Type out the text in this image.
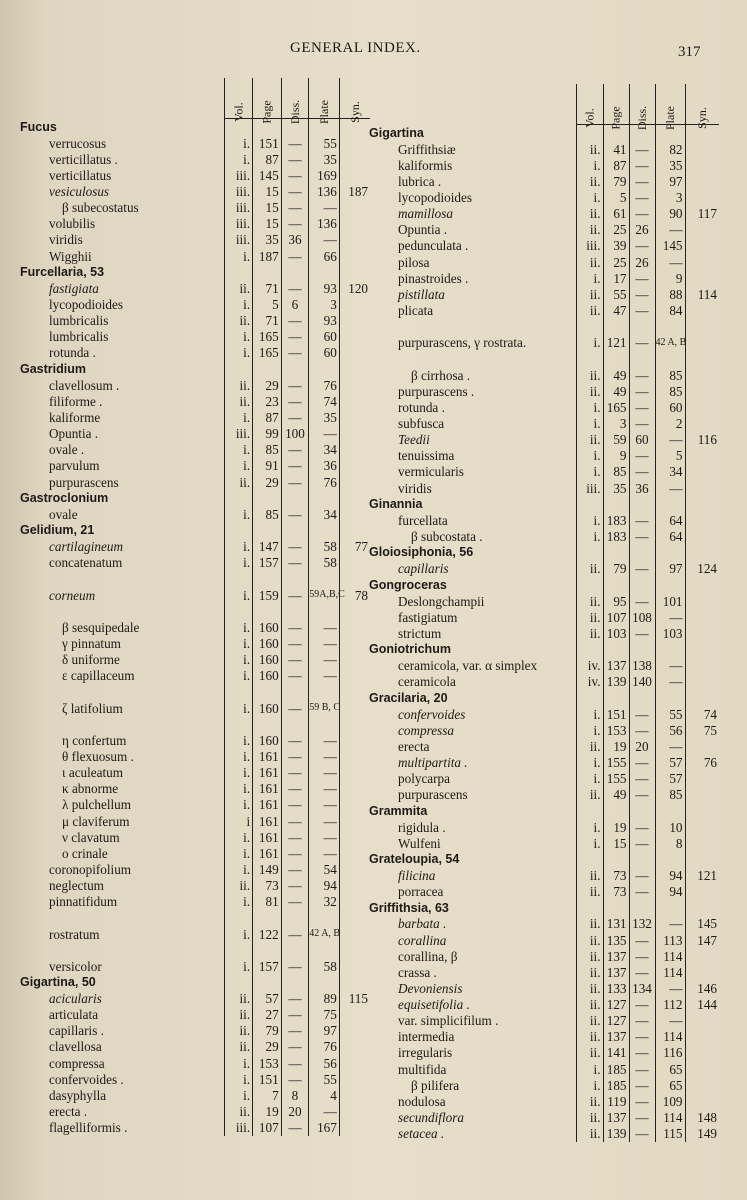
GENERAL INDEX.	317
	Vol.	Page	Diss.	Plate	Syn.
Fucus					
verrucosus	i.	151	—	55	
verticillatus .	i.	87	—	35	
verticillatus	iii.	145	—	169	
vesiculosus	iii.	15	—	136	187
β subecostatus	iii.	15	—	—	
volubilis	iii.	15	—	136	
viridis	iii.	35	36	—	
Wigghii	i.	187	—	66	
Furcellaria, 53					
fastigiata	ii.	71	—	93	120
lycopodioides	i.	5	6	3	
lumbricalis	ii.	71	—	93	
lumbricalis	i.	165	—	60	
rotunda .	i.	165	—	60	
Gastridium					
clavellosum .	ii.	29	—	76	
filiforme .	ii.	23	—	74	
kaliforme	i.	87	—	35	
Opuntia .	iii.	99	100	—	
ovale .	i.	85	—	34	
parvulum	i.	91	—	36	
purpurascens	ii.	29	—	76	
Gastroclonium					
ovale	i.	85	—	34	
Gelidium, 21					
cartilagineum	i.	147	—	58	77
concatenatum	i.	157	—	58	

corneum	i.	159	—	59A,B,C	78

β sesquipedale	i.	160	—	—	
γ pinnatum	i.	160	—	—	
δ uniforme	i.	160	—	—	
ε capillaceum	i.	160	—	—	

ζ latifolium	i.	160	—	59 B, C	

η confertum	i.	160	—	—	
θ flexuosum .	i.	161	—	—	
ι aculeatum	i.	161	—	—	
κ abnorme	i.	161	—	—	
λ pulchellum	i.	161	—	—	
μ claviferum	i	161	—	—	
ν clavatum	i.	161	—	—	
ο crinale	i.	161	—	—	
coronopifolium	i.	149	—	54	
neglectum	ii.	73	—	94	
pinnatifidum	i.	81	—	32	

rostratum	i.	122	—	42 A, B	

versicolor	i.	157	—	58	
Gigartina, 50					
acicularis	ii.	57	—	89	115
articulata	ii.	27	—	75	
capillaris .	ii.	79	—	97	
clavellosa	ii.	29	—	76	
compressa	i.	153	—	56	
confervoides .	i.	151	—	55	
dasyphylla	i.	7	8	4	
erecta .	ii.	19	20	—	
flagelliformis .	iii.	107	—	167	
	Vol.	Page	Diss.	Plate	Syn.
Gigartina					
Griffithsiæ	ii.	41	—	82	
kaliformis	i.	87	—	35	
lubrica .	ii.	79	—	97	
lycopodioides	i.	5	—	3	
mamillosa	ii.	61	—	90	117
Opuntia .	ii.	25	26	—	
pedunculata .	iii.	39	—	145	
pilosa	ii.	25	26	—	
pinastroides .	i.	17	—	9	
pistillata	ii.	55	—	88	114
plicata	ii.	47	—	84	

purpurascens, γ rostrata.	i.	121	—	42 A, B	

β cirrhosa .	ii.	49	—	85	
purpurascens .	ii.	49	—	85	
rotunda .	i.	165	—	60	
subfusca	i.	3	—	2	
Teedii	ii.	59	60	—	116
tenuissima	i.	9	—	5	
vermicularis	i.	85	—	34	
viridis	iii.	35	36	—	
Ginannia					
furcellata	i.	183	—	64	
β subcostata .	i.	183	—	64	
Gloiosiphonia, 56					
capillaris	ii.	79	—	97	124
Gongroceras					
Deslongchampii	ii.	95	—	101	
fastigiatum	ii.	107	108	—	
strictum	ii.	103	—	103	
Goniotrichum					
ceramicola, var. α simplex	iv.	137	138	—	
ceramicola	iv.	139	140	—	
Gracilaria, 20					
confervoides	i.	151	—	55	74
compressa	i.	153	—	56	75
erecta	ii.	19	20	—	
multipartita .	i.	155	—	57	76
polycarpa	i.	155	—	57	
purpurascens	ii.	49	—	85	
Grammita					
rigidula .	i.	19	—	10	
Wulfeni	i.	15	—	8	
Grateloupia, 54					
filicina	ii.	73	—	94	121
porracea	ii.	73	—	94	
Griffithsia, 63					
barbata .	ii.	131	132	—	145
corallina	ii.	135	—	113	147
corallina, β	ii.	137	—	114	
crassa .	ii.	137	—	114	
Devoniensis	ii.	133	134	—	146
equisetifolia .	ii.	127	—	112	144
var. simplicifilum .	ii.	127	—	—	
intermedia	ii.	137	—	114	
irregularis	ii.	141	—	116	
multifida	i.	185	—	65	
β pilifera	i.	185	—	65	
nodulosa	ii.	119	—	109	
secundiflora	ii.	137	—	114	148
setacea .	ii.	139	—	115	149
